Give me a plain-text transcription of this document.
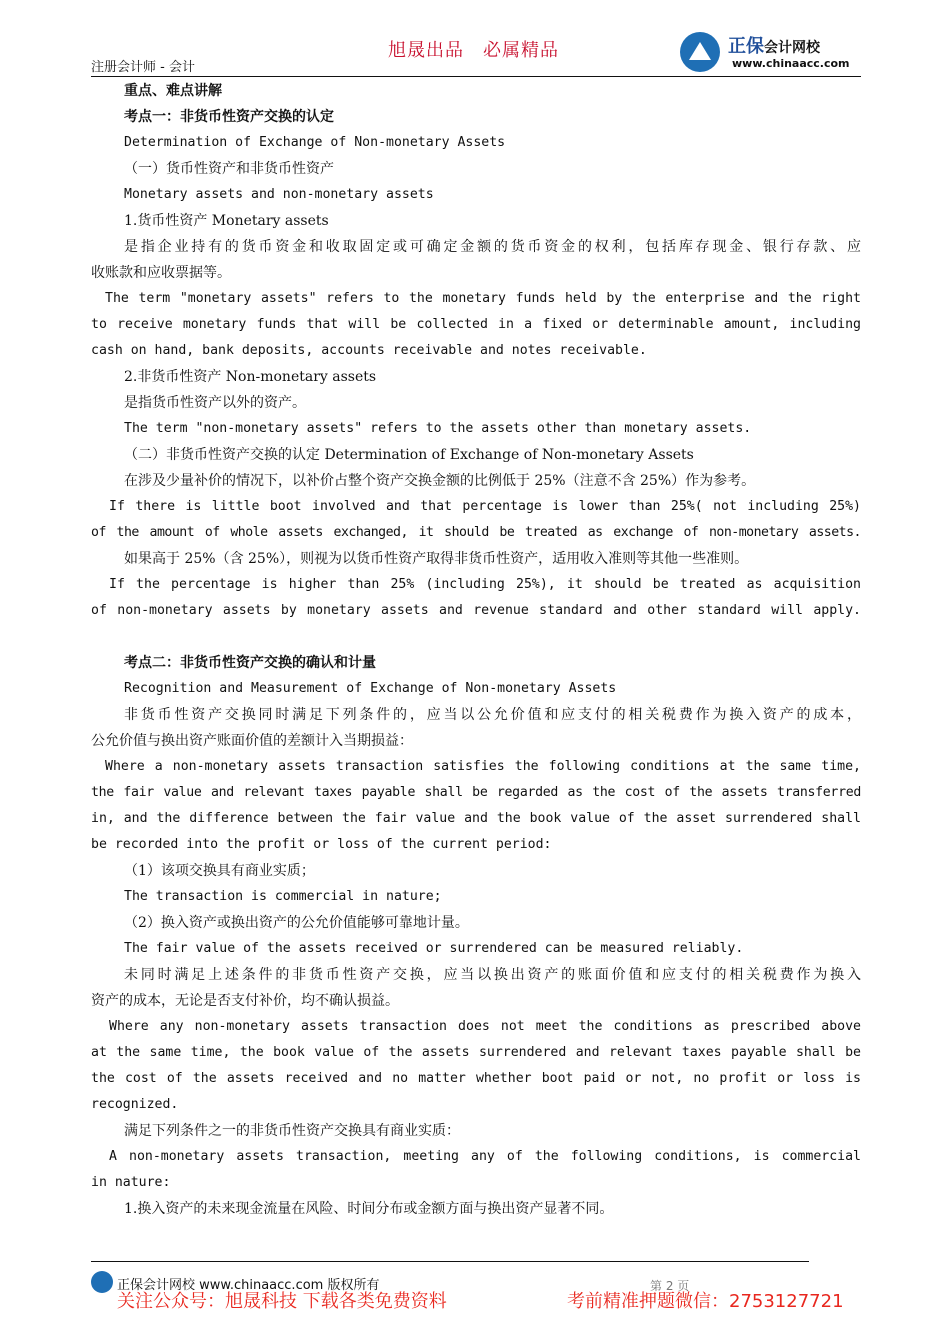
注册会计师 - 会计
旭晟出品　必属精品	正保会计网校
www.chinaacc.com
重点、难点讲解
考点一：非货币性资产交换的认定
Determination of Exchange of Non-monetary Assets
（一）货币性资产和非货币性资产
Monetary assets and non-monetary assets
1.货币性资产 Monetary assets
是指企业持有的货币资金和收取固定或可确定金额的货币资金的权利，包括库存现金、银行存款、应
收账款和应收票据等。
The term "monetary assets" refers to the monetary funds held by the enterprise and the right
to receive monetary funds that will be collected in a fixed or determinable amount, including
cash on hand, bank deposits, accounts receivable and notes receivable.
2.非货币性资产 Non-monetary assets
是指货币性资产以外的资产。
The term "non-monetary assets" refers to the assets other than monetary assets.
（二）非货币性资产交换的认定 Determination of Exchange of Non-monetary Assets
在涉及少量补价的情况下，以补价占整个资产交换金额的比例低于 25%（注意不含 25%）作为参考。
If there is little boot involved and that percentage is lower than 25%( not including 25%)
of the amount of whole assets exchanged, it should be treated as exchange of non-monetary assets.
如果高于 25%（含 25%），则视为以货币性资产取得非货币性资产，适用收入准则等其他一些准则。
If the percentage is higher than 25% (including 25%), it should be treated as acquisition
of non-monetary assets by monetary assets and revenue standard and other standard will apply.
考点二：非货币性资产交换的确认和计量
Recognition and Measurement of Exchange of Non-monetary Assets
非货币性资产交换同时满足下列条件的，应当以公允价值和应支付的相关税费作为换入资产的成本，
公允价值与换出资产账面价值的差额计入当期损益：
Where a non-monetary assets transaction satisfies the following conditions at the same time,
the fair value and relevant taxes payable shall be regarded as the cost of the assets transferred
in, and the difference between the fair value and the book value of the asset surrendered shall
be recorded into the profit or loss of the current period:
（1）该项交换具有商业实质；
The transaction is commercial in nature;
（2）换入资产或换出资产的公允价值能够可靠地计量。
The fair value of the assets received or surrendered can be measured reliably.
未同时满足上述条件的非货币性资产交换，应当以换出资产的账面价值和应支付的相关税费作为换入
资产的成本，无论是否支付补价，均不确认损益。
Where any non-monetary assets transaction does not meet the conditions as prescribed above
at the same time, the book value of the assets surrendered and relevant taxes payable shall be
the cost of the assets received and no matter whether boot paid or not, no profit or loss is
recognized.
满足下列条件之一的非货币性资产交换具有商业实质：
A non-monetary assets transaction, meeting any of the following conditions, is commercial
in nature:
1.换入资产的未来现金流量在风险、时间分布或金额方面与换出资产显著不同。
正保会计网校 www.chinaacc.com 版权所有	第 2 页
关注公众号：旭晟科技 下载各类免费资料	考前精准押题微信：2753127721
